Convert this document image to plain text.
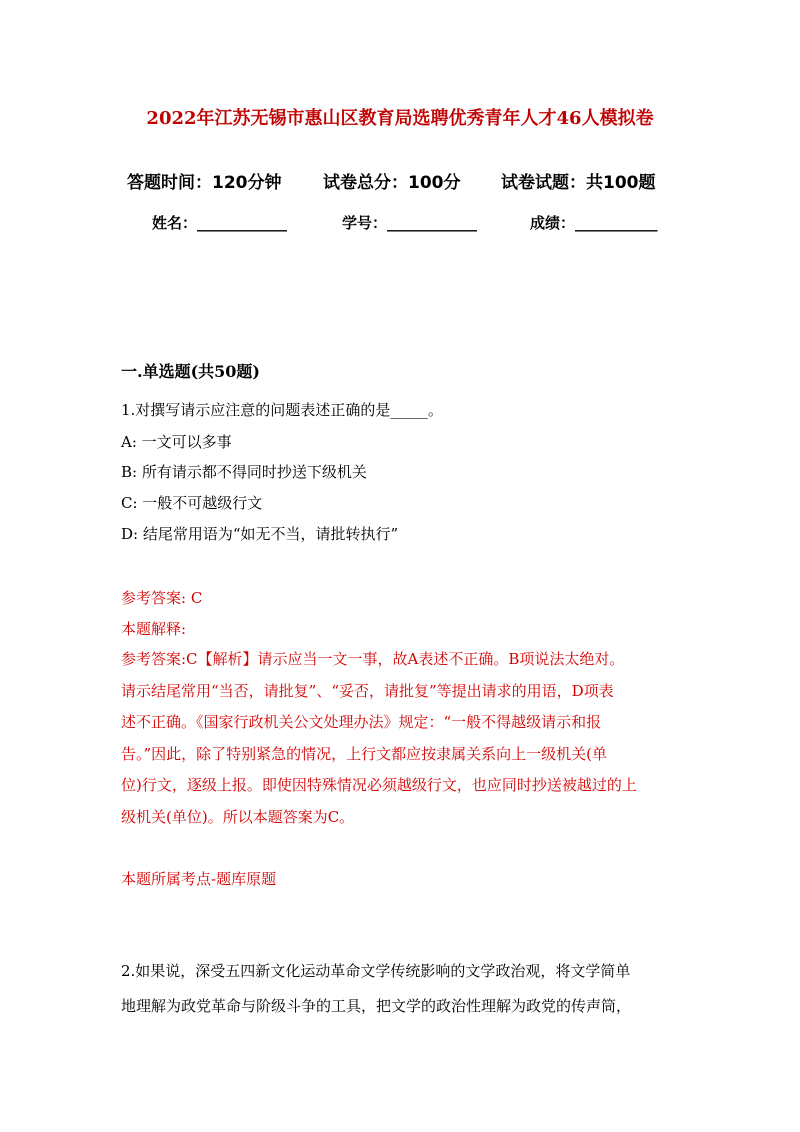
2022年江苏无锡市惠山区教育局选聘优秀青年人才46人模拟卷
答题时间：120分钟 试卷总分：100分 试卷试题：共100题
姓名：____________	学号：____________	成绩：___________
一.单选题(共50题)
1.对撰写请示应注意的问题表述正确的是_____。
A: 一文可以多事
B: 所有请示都不得同时抄送下级机关
C: 一般不可越级行文
D: 结尾常用语为“如无不当，请批转执行”
参考答案: C
本题解释:
参考答案:C【解析】请示应当一文一事，故A表述不正确。B项说法太绝对。
请示结尾常用“当否，请批复”、“妥否，请批复”等提出请求的用语，D项表
述不正确。《国家行政机关公文处理办法》规定：“一般不得越级请示和报
告。”因此，除了特别紧急的情况，上行文都应按隶属关系向上一级机关(单
位)行文，逐级上报。即使因特殊情况必须越级行文，也应同时抄送被越过的上
级机关(单位)。所以本题答案为C。
本题所属考点-题库原题
2.如果说，深受五四新文化运动革命文学传统影响的文学政治观，将文学简单
地理解为政党革命与阶级斗争的工具，把文学的政治性理解为政党的传声筒，
